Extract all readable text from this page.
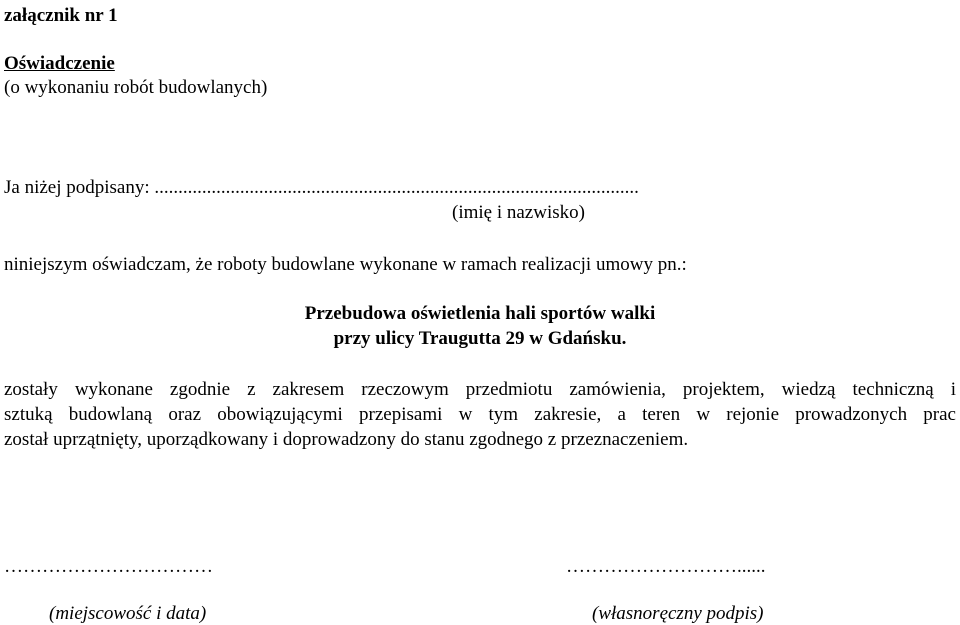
załącznik nr 1
Oświadczenie
(o wykonaniu robót budowlanych)
Ja niżej podpisany: ......................................................................................................
(imię i nazwisko)
niniejszym oświadczam, że roboty budowlane wykonane w ramach realizacji umowy pn.:
Przebudowa oświetlenia hali sportów walki
przy ulicy Traugutta 29 w Gdańsku.
zostały wykonane zgodnie z zakresem rzeczowym przedmiotu zamówienia, projektem, wiedzą techniczną i
sztuką budowlaną oraz obowiązującymi przepisami w tym zakresie, a teren w rejonie prowadzonych prac
został uprzątnięty, uporządkowany i doprowadzony do stanu zgodnego z przeznaczeniem.
……………………………
(miejscowość i data)
………………………......
(własnoręczny podpis)
